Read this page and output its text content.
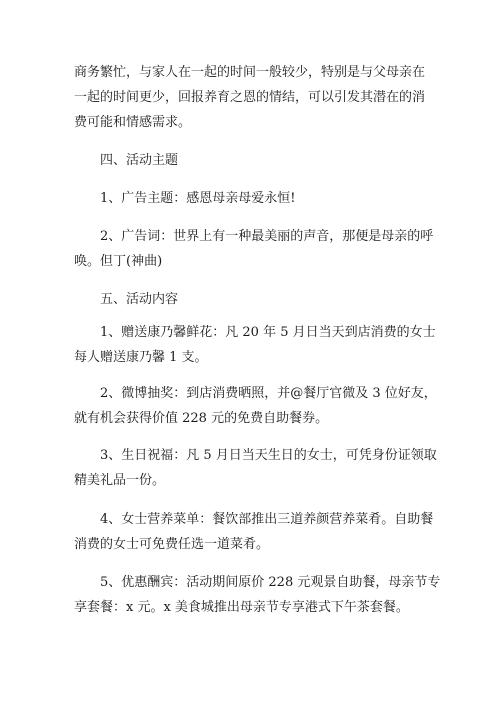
商务繁忙，与家人在一起的时间一般较少，特别是与父母亲在
一起的时间更少，回报养育之恩的情结，可以引发其潜在的消
费可能和情感需求。

四、活动主题

1、广告主题：感恩母亲母爱永恒!

2、广告词：世界上有一种最美丽的声音，那便是母亲的呼
唤。但丁(神曲)

五、活动内容

1、赠送康乃馨鲜花：凡 20 年 5 月日当天到店消费的女士
每人赠送康乃馨 1 支。

2、微博抽奖：到店消费晒照，并@餐厅官微及 3 位好友，
就有机会获得价值 228 元的免费自助餐券。

3、生日祝福：凡 5 月日当天生日的女士，可凭身份证领取
精美礼品一份。

4、女士营养菜单：餐饮部推出三道养颜营养菜肴。自助餐
消费的女士可免费任选一道菜肴。

5、优惠酬宾：活动期间原价 228 元观景自助餐，母亲节专
享套餐：x 元。x 美食城推出母亲节专享港式下午茶套餐。
